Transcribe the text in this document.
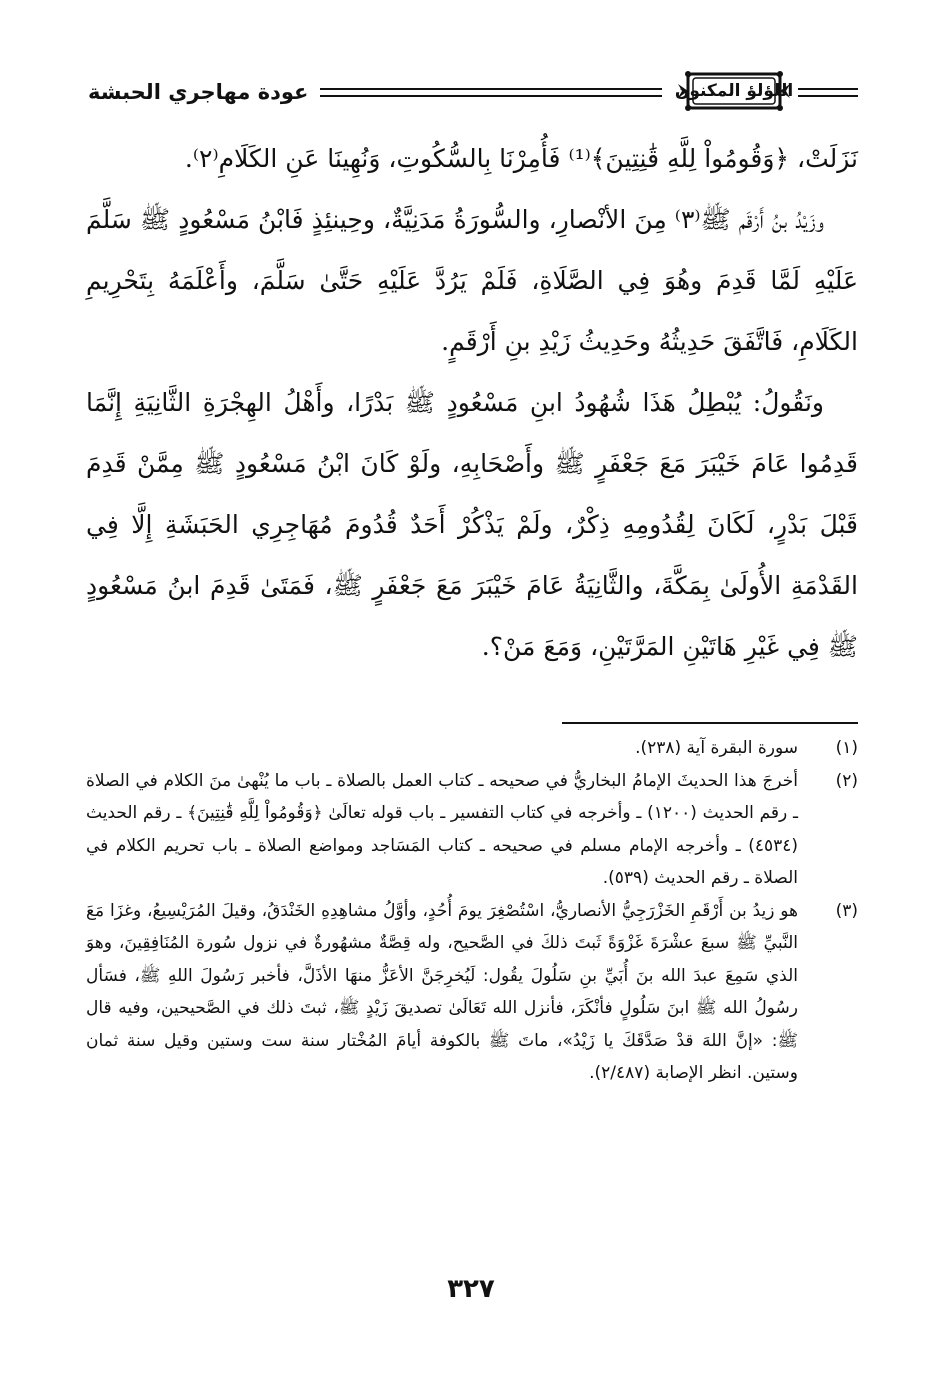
عودة مهاجري الحبشة	اللؤلؤ المكنون

نَزَلَتْ، ﴿وَقُومُواْ لِلَّهِ قَٰنِتِينَ﴾⁽¹⁾ فَأُمِرْنَا بِالسُّكُوتِ، وَنُهِينَا عَنِ الكَلَامِ⁽٢⁾.

وزَيْدُ بنُ أَرْقَم ﷺ⁽٣⁾ مِنَ الأنْصارِ، والسُّورَةُ مَدَنِيَّةٌ، وحِينئِذٍ فَابْنُ مَسْعُودٍ ﷺ سَلَّمَ عَلَيْهِ لَمَّا قَدِمَ وهُوَ فِي الصَّلَاةِ، فَلَمْ يَرُدَّ عَلَيْهِ حَتَّىٰ سَلَّمَ، وأَعْلَمَهُ بِتَحْرِيمِ الكَلَامِ، فَاتَّفَقَ حَدِيثُهُ وحَدِيثُ زَيْدِ بنِ أَرْقَمٍ.

ونَقُولُ: يُبْطِلُ هَذَا شُهُودُ ابنِ مَسْعُودٍ ﷺ بَدْرًا، وأَهْلُ الهِجْرَةِ الثَّانِيَةِ إِنَّمَا قَدِمُوا عَامَ خَيْبَرَ مَعَ جَعْفَرٍ ﷺ وأَصْحَابِهِ، ولَوْ كَانَ ابْنُ مَسْعُودٍ ﷺ مِمَّنْ قَدِمَ قَبْلَ بَدْرٍ، لَكَانَ لِقُدُومِهِ ذِكْرٌ، ولَمْ يَذْكُرْ أَحَدٌ قُدُومَ مُهَاجِرِي الحَبَشَةِ إِلَّا فِي القَدْمَةِ الأُولَىٰ بِمَكَّةَ، والثَّانِيَةُ عَامَ خَيْبَرَ مَعَ جَعْفَرٍ ﷺ، فَمَتَىٰ قَدِمَ ابنُ مَسْعُودٍ ﷺ فِي غَيْرِ هَاتَيْنِ المَرَّتَيْنِ، وَمَعَ مَنْ؟.

(١)
سورة البقرة آية (٢٣٨).
(٢)
أخرجَ هذا الحديثَ الإمامُ البخاريُّ في صحيحه ـ كتاب العمل بالصلاة ـ باب ما يُنْهىٰ منَ الكلام في الصلاة ـ رقم الحديث (١٢٠٠) ـ وأخرجه في كتاب التفسير ـ باب قوله تعالَىٰ ﴿وَقُومُواْ لِلَّهِ قَٰنِتِينَ﴾ ـ رقم الحديث (٤٥٣٤) ـ وأخرجه الإمام مسلم في صحيحه ـ كتاب المَسَاجد ومواضع الصلاة ـ باب تحريم الكلام في الصلاة ـ رقم الحديث (٥٣٩).
(٣)
هو زيدُ بن أَرْقَمِ الخَزْرَجِيُّ الأنصاريُّ، اسْتُصْغِرَ يومَ أُحُدٍ، وأوَّلُ مشاهِدِهِ الخَنْدَقُ، وقيلَ المُرَيْسِيعُ، وغزَا مَعَ النَّبيِّ ﷺ سبعَ عشْرَةَ غَزْوَةً ثَبتَ ذلكَ في الصَّحيح، وله قِصَّةٌ مشهُورةٌ في نزول سُورة المُنَافِقِينَ، وهوَ الذي سَمِعَ عبدَ الله بنَ أُبَيِّ بنِ سَلُولَ يقُول: لَيُخرِجَنَّ الأعَزُّ منهَا الأذَلَّ، فأخبر رَسُولَ اللهِ ﷺ، فسَأل رسُولُ الله ﷺ ابنَ سَلُولٍ فأنْكَرَ، فأنزل الله تَعَالَىٰ تصديقَ زَيْدٍ ﷺ، ثبتَ ذلك في الصَّحيحين، وفيه قال ﷺ: «إنَّ اللهَ قدْ صَدَّقَكَ يا زَيْدُ»، ماتَ ﷺ بالكوفة أيامَ المُخْتار سنة ست وستين وقيل سنة ثمان وستين. انظر الإصابة (٢/٤٨٧).
٣٢٧
